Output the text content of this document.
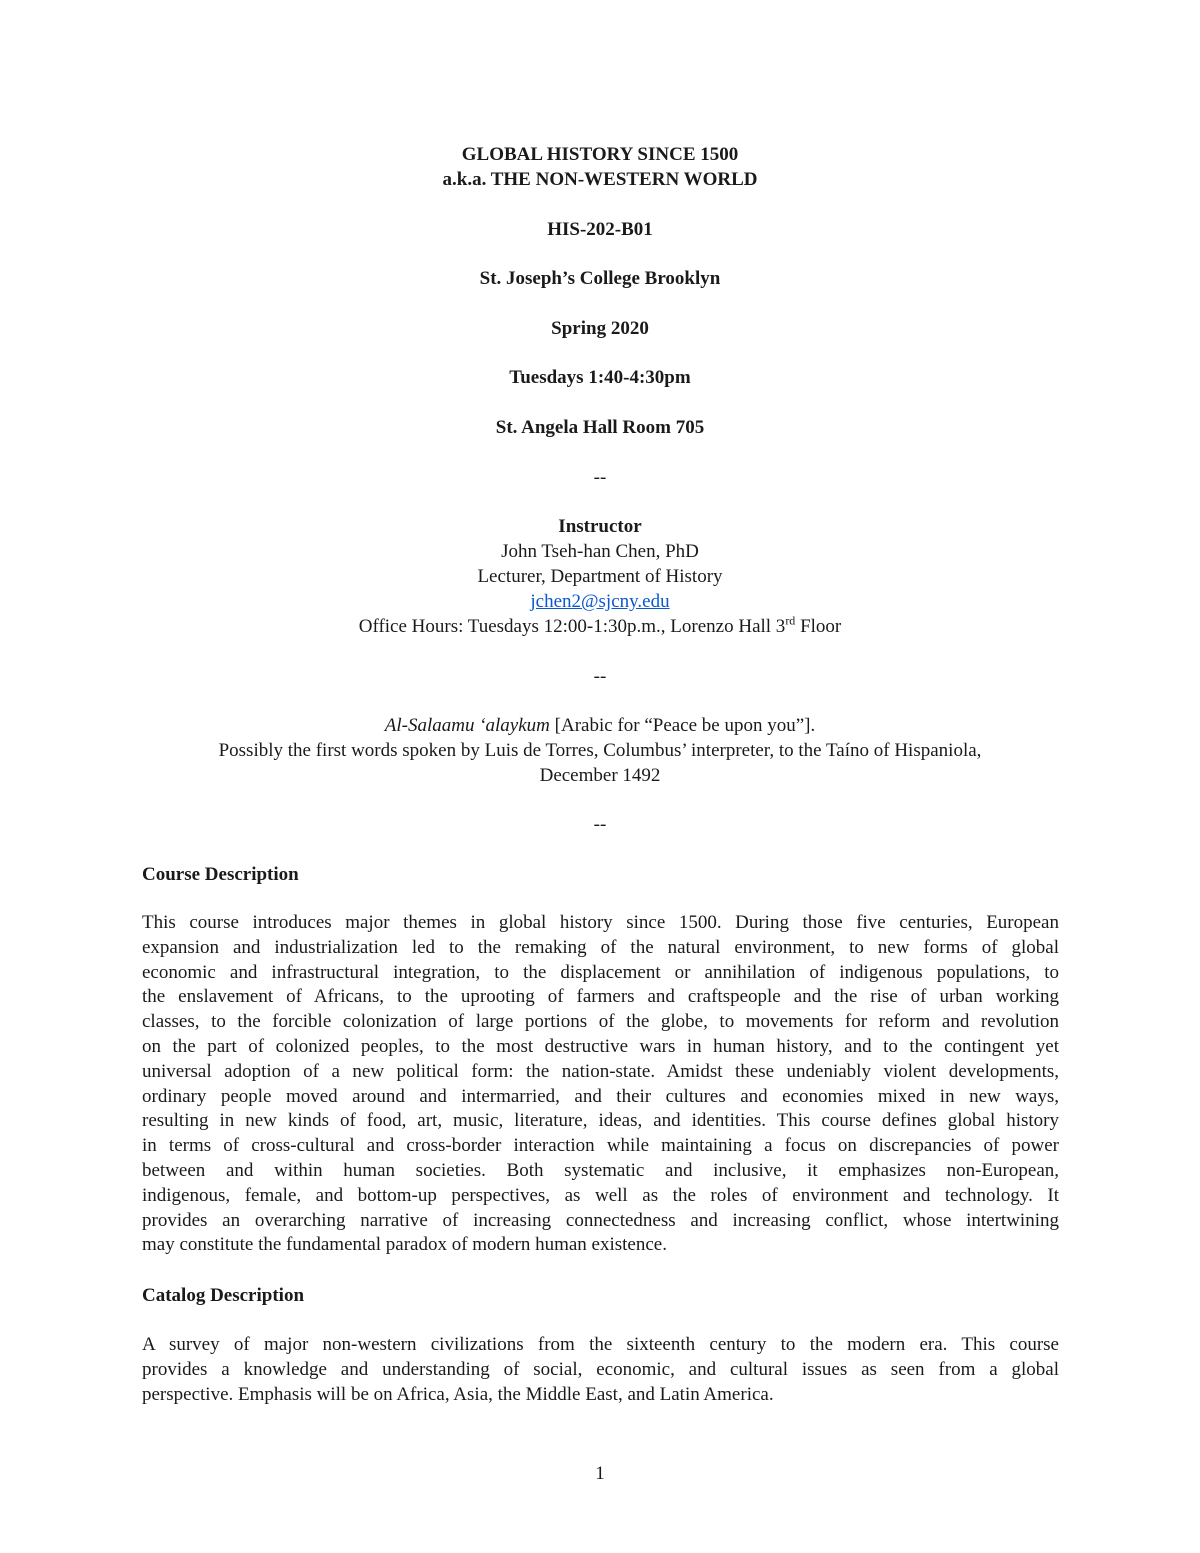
GLOBAL HISTORY SINCE 1500
a.k.a. THE NON-WESTERN WORLD
HIS-202-B01
St. Joseph’s College Brooklyn
Spring 2020
Tuesdays 1:40-4:30pm
St. Angela Hall Room 705
--
Instructor
John Tseh-han Chen, PhD
Lecturer, Department of History
jchen2@sjcny.edu
Office Hours: Tuesdays 12:00-1:30p.m., Lorenzo Hall 3rd Floor
--
Al-Salaamu ‘alaykum [Arabic for “Peace be upon you”].
Possibly the first words spoken by Luis de Torres, Columbus’ interpreter, to the Taíno of Hispaniola,
December 1492
--
Course Description
This course introduces major themes in global history since 1500. During those five centuries, European
expansion and industrialization led to the remaking of the natural environment, to new forms of global
economic and infrastructural integration, to the displacement or annihilation of indigenous populations, to
the enslavement of Africans, to the uprooting of farmers and craftspeople and the rise of urban working
classes, to the forcible colonization of large portions of the globe, to movements for reform and revolution
on the part of colonized peoples, to the most destructive wars in human history, and to the contingent yet
universal adoption of a new political form: the nation-state. Amidst these undeniably violent developments,
ordinary people moved around and intermarried, and their cultures and economies mixed in new ways,
resulting in new kinds of food, art, music, literature, ideas, and identities. This course defines global history
in terms of cross-cultural and cross-border interaction while maintaining a focus on discrepancies of power
between and within human societies. Both systematic and inclusive, it emphasizes non-European,
indigenous, female, and bottom-up perspectives, as well as the roles of environment and technology. It
provides an overarching narrative of increasing connectedness and increasing conflict, whose intertwining
may constitute the fundamental paradox of modern human existence.
Catalog Description
A survey of major non-western civilizations from the sixteenth century to the modern era. This course
provides a knowledge and understanding of social, economic, and cultural issues as seen from a global
perspective. Emphasis will be on Africa, Asia, the Middle East, and Latin America.
1
